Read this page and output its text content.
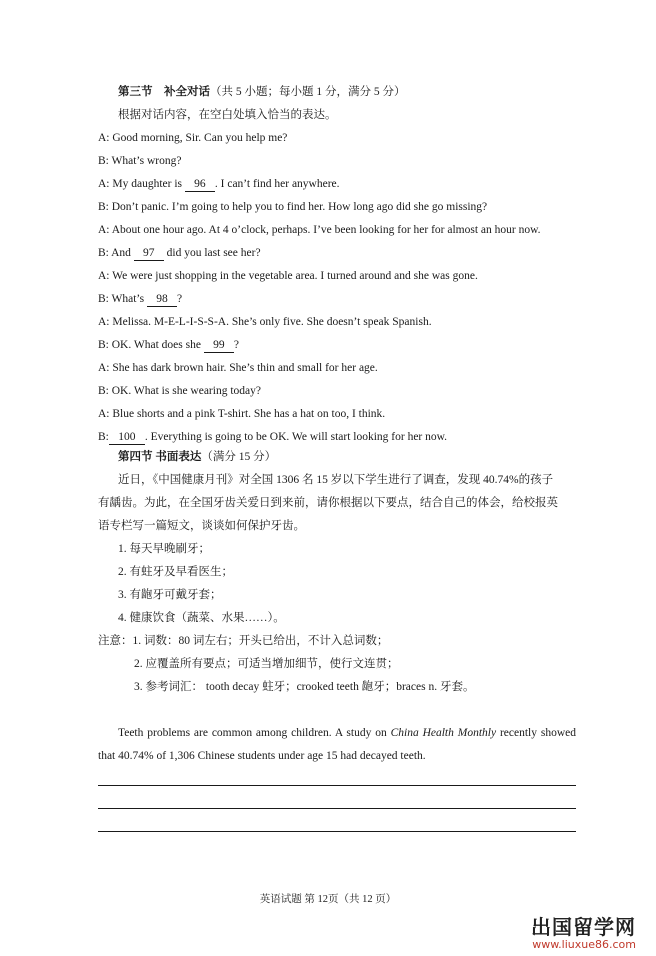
第三节　补全对话（共 5 小题；每小题 1 分，满分 5 分）
根据对话内容，在空白处填入恰当的表达。
A: Good morning, Sir. Can you help me?
B: What’s wrong?
A: My daughter is 96 . I can’t find her anywhere.
B: Don’t panic. I’m going to help you to find her. How long ago did she go missing?
A: About one hour ago. At 4 o’clock, perhaps. I’ve been looking for her for almost an hour now.
B: And 97 did you last see her?
A: We were just shopping in the vegetable area. I turned around and she was gone.
B: What’s 98 ?
A: Melissa. M-E-L-I-S-S-A. She’s only five. She doesn’t speak Spanish.
B: OK. What does she 99 ?
A: She has dark brown hair. She’s thin and small for her age.
B: OK. What is she wearing today?
A: Blue shorts and a pink T-shirt. She has a hat on too, I think.
B: 100 . Everything is going to be OK. We will start looking for her now.
第四节 书面表达（满分 15 分）
近日，《中国健康月刊》对全国 1306 名 15 岁以下学生进行了调查，发现 40.74%的孩子
有龋齿。为此，在全国牙齿关爱日到来前，请你根据以下要点，结合自己的体会，给校报英
语专栏写一篇短文，谈谈如何保护牙齿。
1. 每天早晚刷牙；
2. 有蛀牙及早看医生；
3. 有龅牙可戴牙套；
4. 健康饮食（蔬菜、水果……）。
注意：1. 词数：80 词左右；开头已给出，不计入总词数；
2. 应覆盖所有要点；可适当增加细节，使行文连贯；
3. 参考词汇： tooth decay 蛀牙；crooked teeth 龅牙；braces n. 牙套。
Teeth problems are common among children. A study on China Health Monthly recently showed that 40.74% of 1,306 Chinese students under age 15 had decayed teeth.
英语试题 第 12页（共 12 页）
出国留学网
www.liuxue86.com
